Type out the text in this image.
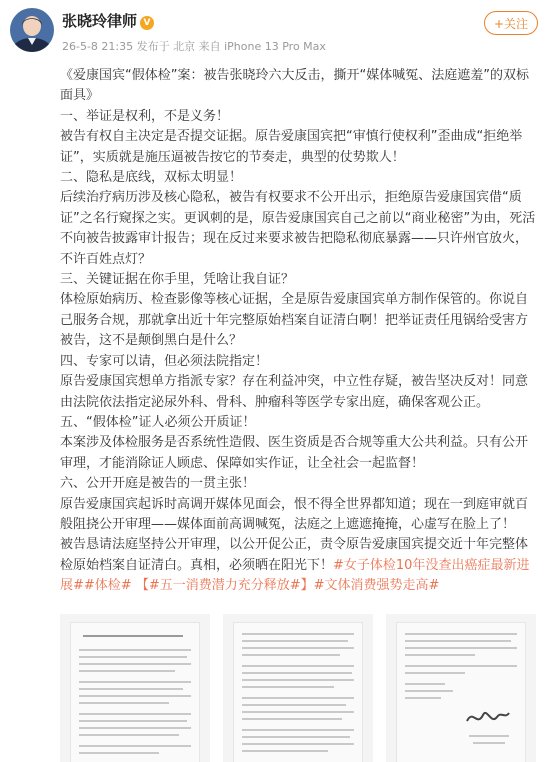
张晓玲律师 V
26-5-8 21:35 发布于 北京 来自 iPhone 13 Pro Max
+关注

《爱康国宾“假体检”案：被告张晓玲六大反击，撕开“媒体喊冤、法庭遮羞”的双标面具》

一、举证是权利，不是义务！

被告有权自主决定是否提交证据。原告爱康国宾把“审慎行使权利”歪曲成“拒绝举证”，实质就是施压逼被告按它的节奏走，典型的仗势欺人！

二、隐私是底线，双标太明显！

后续治疗病历涉及核心隐私，被告有权要求不公开出示，拒绝原告爱康国宾借“质证”之名行窥探之实。更讽刺的是，原告爱康国宾自己之前以“商业秘密”为由，死活不向被告披露审计报告；现在反过来要求被告把隐私彻底暴露——只许州官放火，不许百姓点灯？

三、关键证据在你手里，凭啥让我自证？

体检原始病历、检查影像等核心证据，全是原告爱康国宾单方制作保管的。你说自己服务合规，那就拿出近十年完整原始档案自证清白啊！把举证责任甩锅给受害方被告，这不是颠倒黑白是什么？

四、专家可以请，但必须法院指定！

原告爱康国宾想单方指派专家？存在利益冲突，中立性存疑，被告坚决反对！同意由法院依法指定泌尿外科、骨科、肿瘤科等医学专家出庭，确保客观公正。

五、“假体检”证人必须公开质证！

本案涉及体检服务是否系统性造假、医生资质是否合规等重大公共利益。只有公开审理，才能消除证人顾虑、保障如实作证，让全社会一起监督！

六、公开开庭是被告的一贯主张！

原告爱康国宾起诉时高调开媒体见面会，恨不得全世界都知道；现在一到庭审就百般阻挠公开审理——媒体面前高调喊冤，法庭之上遮遮掩掩，心虚写在脸上了！

被告恳请法庭坚持公开审理，以公开促公正，责令原告爱康国宾提交近十年完整体检原始档案自证清白。真相，必须晒在阳光下！#女子体检10年没查出癌症最新进展##体检# 【#五一消费潜力充分释放#】#文体消费强势走高#
